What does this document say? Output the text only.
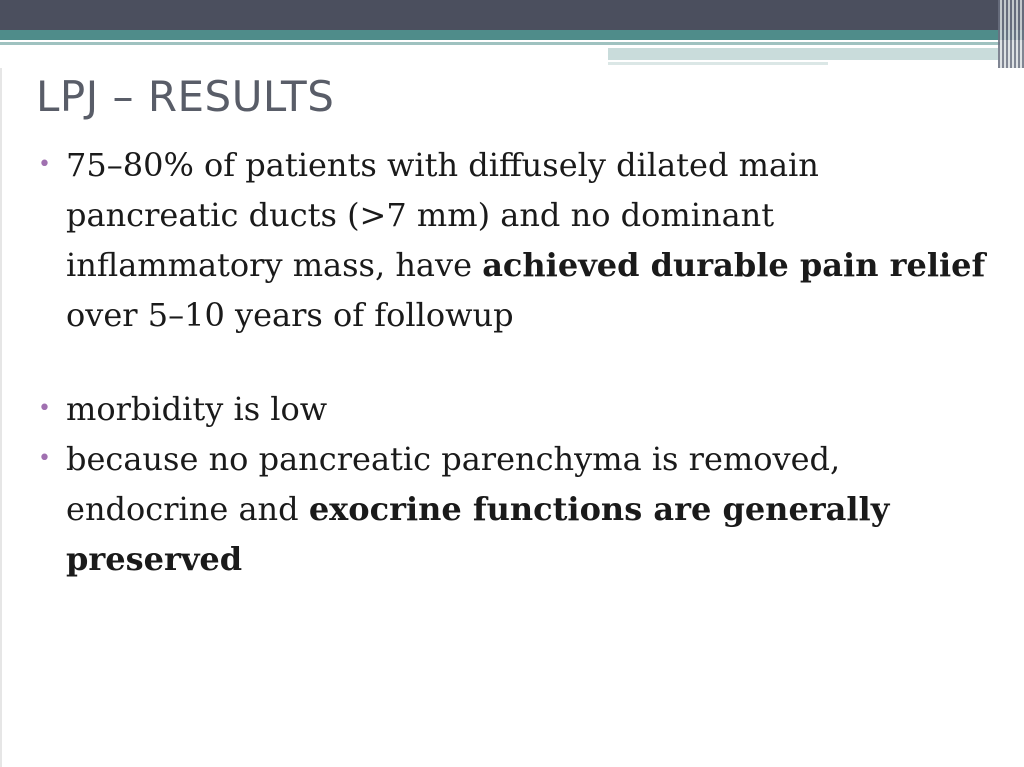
LPJ – RESULTS
• 75–80% of patients with diffusely dilated main pancreatic ducts (>7 mm) and no dominant inflammatory mass, have achieved durable pain relief over 5–10 years of followup
• morbidity is low
• because no pancreatic parenchyma is removed, endocrine and exocrine functions are generally preserved
